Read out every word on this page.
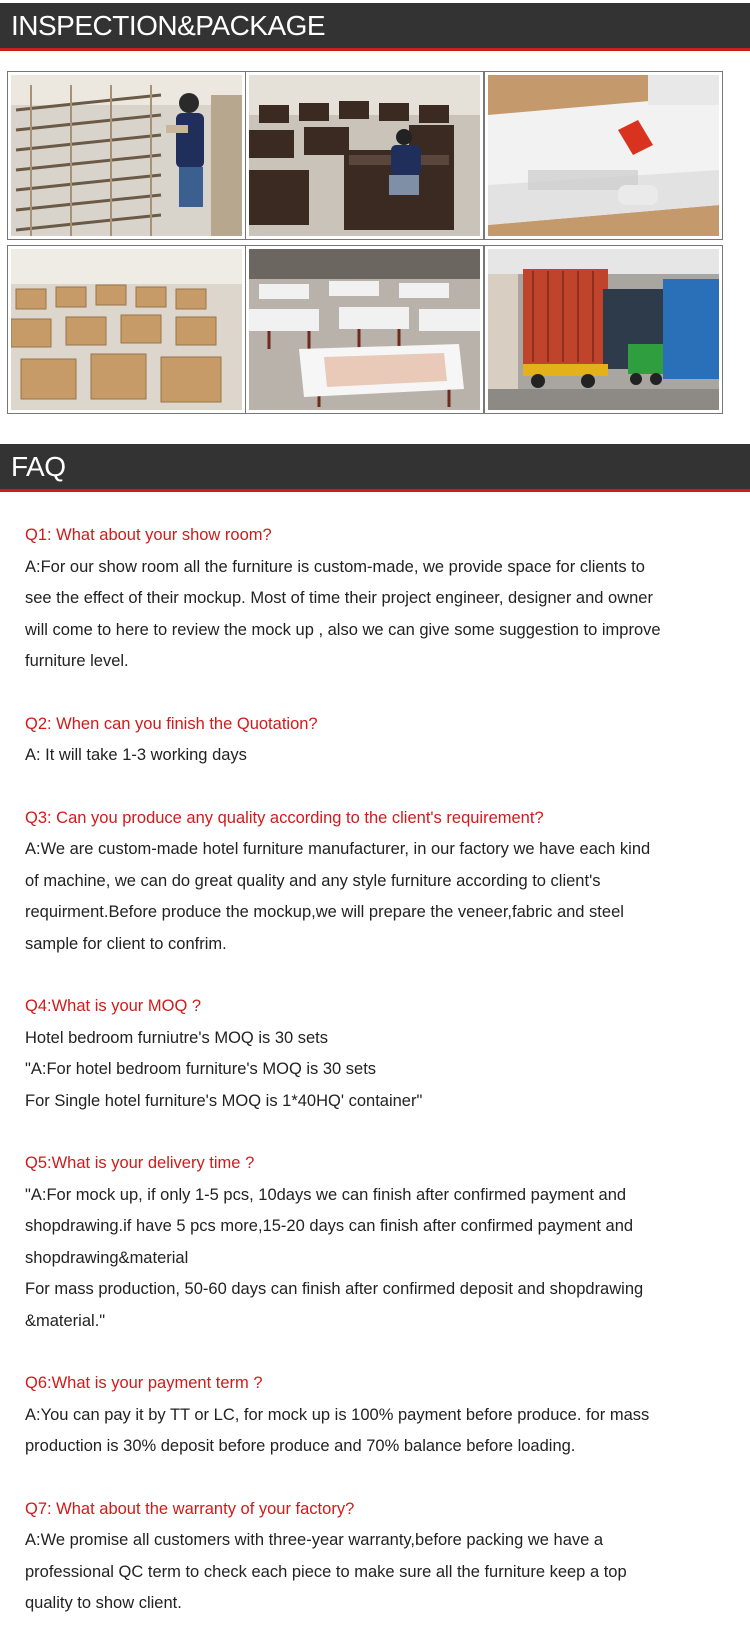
INSPECTION&PACKAGE
FAQ
Q1: What about your show room?
A:For our show room all the furniture is custom-made, we provide space for clients to
see the effect of their mockup. Most of time their project engineer, designer and owner
will come to here to review the mock up , also we can give some suggestion to improve
furniture level.
Q2: When can you finish the Quotation?
A: It will take 1-3 working days
Q3: Can you produce any quality according to the client's requirement?
A:We are custom-made hotel furniture manufacturer, in our factory we have each kind
of machine, we can do great quality and any style furniture according to client's
requirment.Before produce the mockup,we will prepare the veneer,fabric and steel
sample for client to confrim.
Q4:What is your MOQ ?
Hotel bedroom furniutre's MOQ is 30 sets
"A:For hotel bedroom furniture's MOQ is 30 sets
For Single hotel furniture's MOQ is 1*40HQ' container"
Q5:What is your delivery time ?
"A:For mock up, if only 1-5 pcs, 10days we can finish after confirmed payment and
shopdrawing.if have 5 pcs more,15-20 days can finish after confirmed payment and
shopdrawing&material
For mass production, 50-60 days can finish after confirmed deposit and shopdrawing
&material."
Q6:What is your payment term ?
A:You can pay it by TT or LC, for mock up is 100% payment before produce. for mass
production is 30% deposit before produce and 70% balance before loading.
Q7: What about the warranty of your factory?
A:We promise all customers with three-year warranty,before packing we have a
professional QC term to check each piece to make sure all the furniture keep a top
quality to show client.
